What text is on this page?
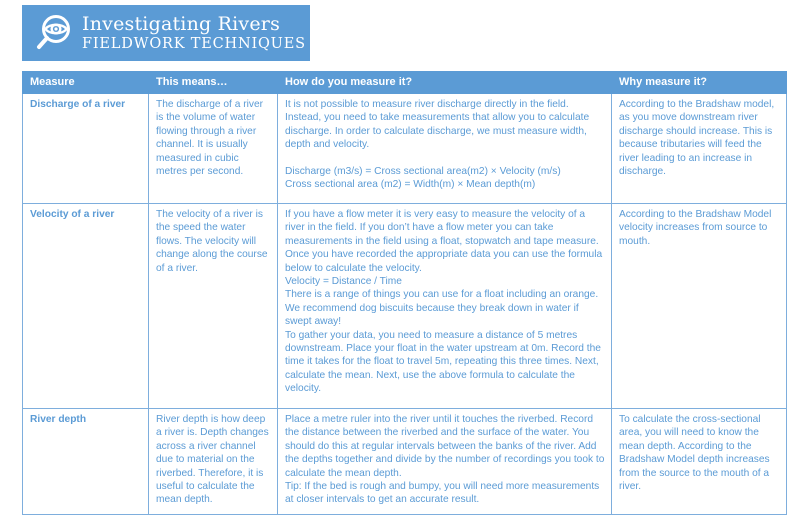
Investigating Rivers
FIELDWORK TECHNIQUES
Measure	This means…	How do you measure it?	Why measure it?
Discharge of a river	The discharge of a river is the volume of water flowing through a river channel. It is usually measured in cubic metres per second.	It is not possible to measure river discharge directly in the field. Instead, you need to take measurements that allow you to calculate discharge. In order to calculate discharge, we must measure width, depth and velocity.

Discharge (m3/s) = Cross sectional area(m2) × Velocity (m/s)

Cross sectional area (m2) = Width(m) × Mean depth(m)	According to the Bradshaw model, as you move downstream river discharge should increase. This is because tributaries will feed the river leading to an increase in discharge.
Velocity of a river	The velocity of a river is the speed the water flows. The velocity will change along the course of a river.	If you have a flow meter it is very easy to measure the velocity of a river in the field. If you don’t have a flow meter you can take measurements in the field using a float, stopwatch and tape measure. Once you have recorded the appropriate data you can use the formula below to calculate the velocity.

Velocity = Distance / Time

There is a range of things you can use for a float including an orange. We recommend dog biscuits because they break down in water if swept away!

To gather your data, you need to measure a distance of 5 metres downstream. Place your float in the water upstream at 0m. Record the time it takes for the float to travel 5m, repeating this three times. Next, calculate the mean. Next, use the above formula to calculate the velocity.	According to the Bradshaw Model velocity increases from source to mouth.
River depth	River depth is how deep a river is. Depth changes across a river channel due to material on the riverbed. Therefore, it is useful to calculate the mean depth.	Place a metre ruler into the river until it touches the riverbed. Record the distance between the riverbed and the surface of the water. You should do this at regular intervals between the banks of the river. Add the depths together and divide by the number of recordings you took to calculate the mean depth.

Tip: If the bed is rough and bumpy, you will need more measurements at closer intervals to get an accurate result.	To calculate the cross-sectional area, you will need to know the mean depth. According to the Bradshaw Model depth increases from the source to the mouth of a river.
